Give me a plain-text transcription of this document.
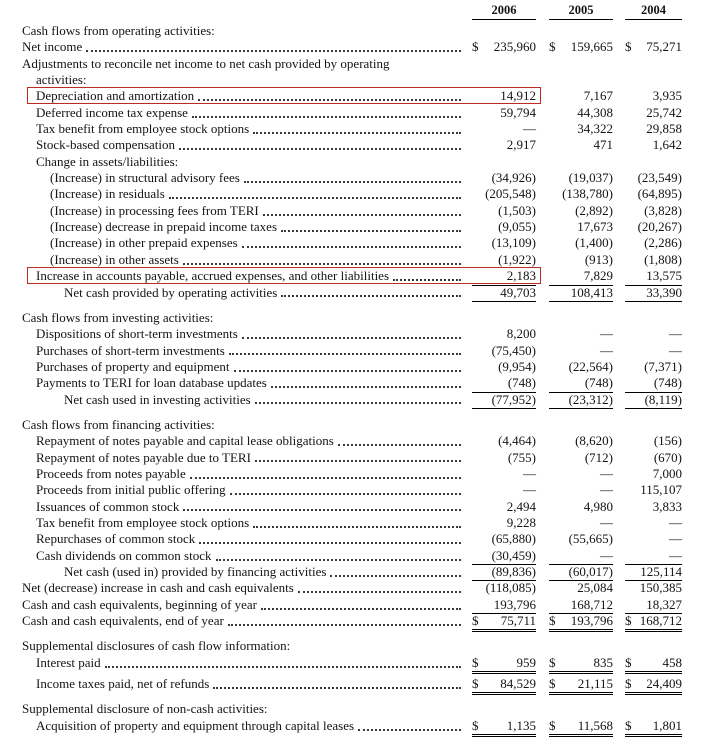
2006	2005	2004
Cash flows from operating activities:
Net income	$ 235,960 $ 159,665 $ 75,271
Adjustments to reconcile net income to net cash provided by operating
activities:
Depreciation and amortization	14,912	7,167	3,935
Deferred income tax expense	59,794	44,308	25,742
Tax benefit from employee stock options	—	34,322	29,858
Stock-based compensation	2,917	471	1,642
Change in assets/liabilities:
(Increase) in structural advisory fees	(34,926)	(19,037) (23,549)
(Increase) in residuals	(205,548) (138,780) (64,895)
(Increase) in processing fees from TERI	(1,503)	(2,892) (3,828)
(Increase) decrease in prepaid income taxes	(9,055)	17,673 (20,267)
(Increase) in other prepaid expenses	(13,109)	(1,400) (2,286)
(Increase) in other assets	(1,922)	(913) (1,808)
Increase in accounts payable, accrued expenses, and other liabilities	2,183	7,829	13,575
Net cash provided by operating activities	49,703	108,413	33,390
Cash flows from investing activities:
Dispositions of short-term investments	8,200	—	—
Purchases of short-term investments	(75,450)	—	—
Purchases of property and equipment	(9,954)	(22,564) (7,371)
Payments to TERI for loan database updates	(748)	(748)	(748)
Net cash used in investing activities	(77,952)	(23,312) (8,119)
Cash flows from financing activities:
Repayment of notes payable and capital lease obligations	(4,464)	(8,620)	(156)
Repayment of notes payable due to TERI	(755)	(712)	(670)
Proceeds from notes payable	—	—	7,000
Proceeds from initial public offering	—	— 115,107
Issuances of common stock	2,494	4,980	3,833
Tax benefit from employee stock options	9,228	—	—
Repurchases of common stock	(65,880)	(55,665)	—
Cash dividends on common stock	(30,459)	—	—
Net cash (used in) provided by financing activities	(89,836)	(60,017) 125,114
Net (decrease) increase in cash and cash equivalents	(118,085)	25,084 150,385
Cash and cash equivalents, beginning of year	193,796	168,712	18,327
Cash and cash equivalents, end of year	$ 75,711 $ 193,796 $ 168,712
Supplemental disclosures of cash flow information:
Interest paid	$	959 $	835 $ 458
Income taxes paid, net of refunds	$ 84,529 $ 21,115 $ 24,409
Supplemental disclosure of non-cash activities:
Acquisition of property and equipment through capital leases	$ 1,135 $ 11,568 $ 1,801
